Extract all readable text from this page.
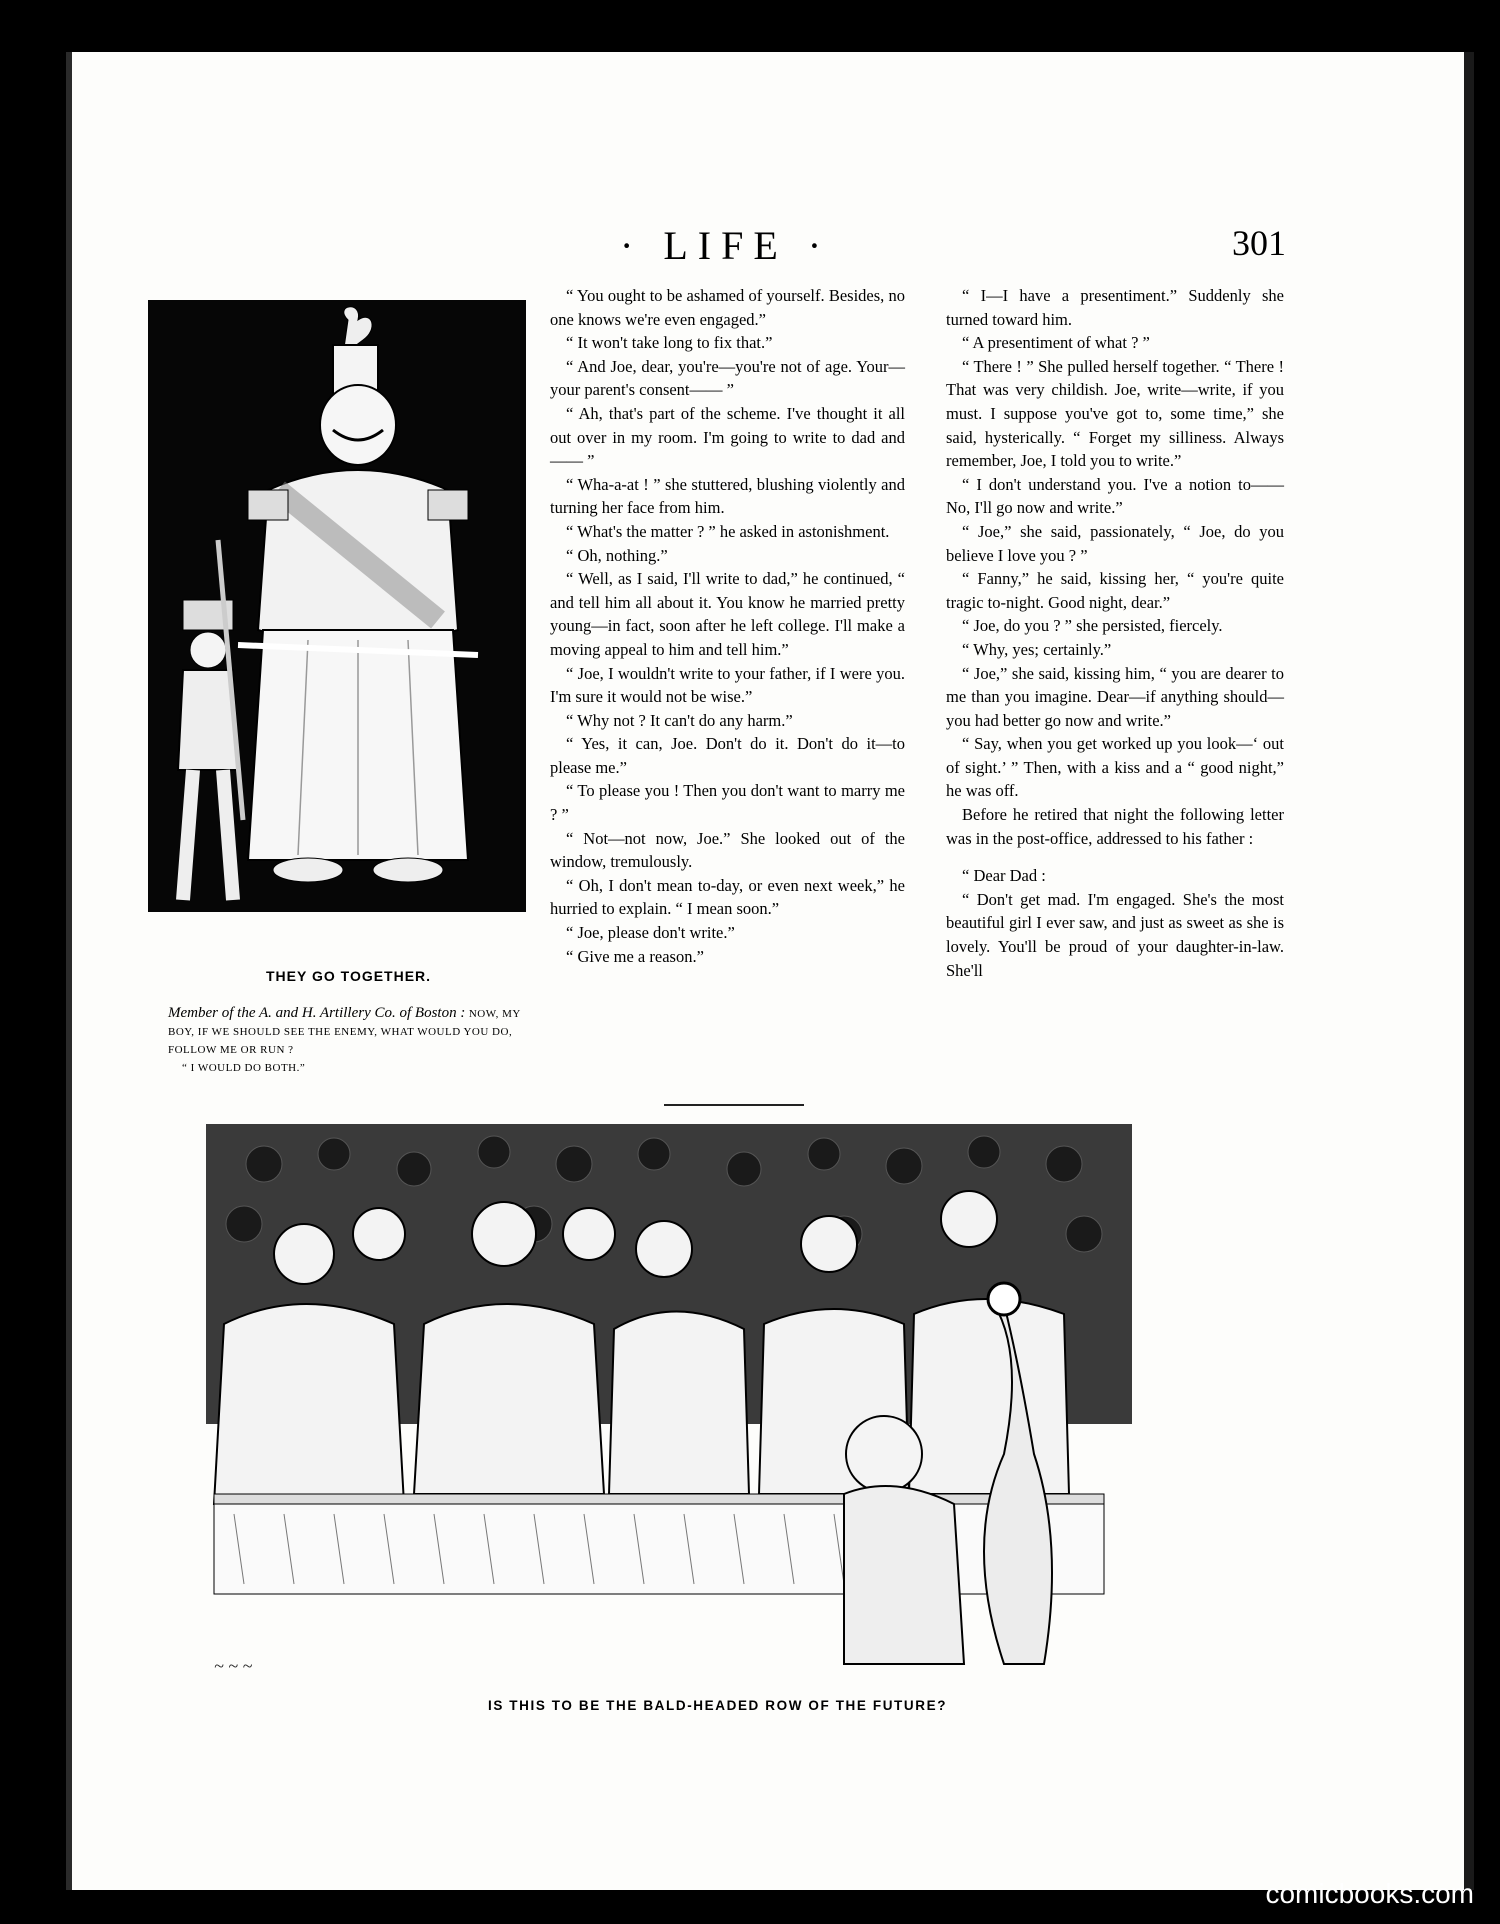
· LIFE ·	301
THEY GO TOGETHER.
Member of the A. and H. Artillery Co. of Boston : NOW, MY BOY, IF WE SHOULD SEE THE ENEMY, WHAT WOULD YOU DO, FOLLOW ME OR RUN ?
“ I WOULD DO BOTH.”

“ You ought to be ashamed of yourself. Besides, no one knows we're even engaged.”

“ It won't take long to fix that.”

“ And Joe, dear, you're—you're not of age. Your—your parent's consent—— ”

“ Ah, that's part of the scheme. I've thought it all out over in my room. I'm going to write to dad and—— ”

“ Wha-a-at ! ” she stuttered, blushing violently and turning her face from him.

“ What's the matter ? ” he asked in astonishment.

“ Oh, nothing.”

“ Well, as I said, I'll write to dad,” he continued, “ and tell him all about it. You know he married pretty young—in fact, soon after he left college. I'll make a moving appeal to him and tell him.”

“ Joe, I wouldn't write to your father, if I were you. I'm sure it would not be wise.”

“ Why not ? It can't do any harm.”

“ Yes, it can, Joe. Don't do it. Don't do it—to please me.”

“ To please you ! Then you don't want to marry me ? ”

“ Not—not now, Joe.” She looked out of the window, tremulously.

“ Oh, I don't mean to-day, or even next week,” he hurried to explain. “ I mean soon.”

“ Joe, please don't write.”

“ Give me a reason.”

“ I—I have a presentiment.” Suddenly she turned toward him.

“ A presentiment of what ? ”

“ There ! ” She pulled herself together. “ There ! That was very childish. Joe, write—write, if you must. I suppose you've got to, some time,” she said, hysterically. “ Forget my silliness. Always remember, Joe, I told you to write.”

“ I don't understand you. I've a notion to—— No, I'll go now and write.”

“ Joe,” she said, passionately, “ Joe, do you believe I love you ? ”

“ Fanny,” he said, kissing her, “ you're quite tragic to-night. Good night, dear.”

“ Joe, do you ? ” she persisted, fiercely.

“ Why, yes; certainly.”

“ Joe,” she said, kissing him, “ you are dearer to me than you imagine. Dear—if anything should—you had better go now and write.”

“ Say, when you get worked up you look—‘ out of sight.’ ” Then, with a kiss and a “ good night,” he was off.

Before he retired that night the following letter was in the post-office, addressed to his father :

“ Dear Dad :

“ Don't get mad. I'm engaged. She's the most beautiful girl I ever saw, and just as sweet as she is lovely. You'll be proud of your daughter-in-law. She'll

~ ~ ~
IS THIS TO BE THE BALD-HEADED ROW OF THE FUTURE?
comicbooks.com
